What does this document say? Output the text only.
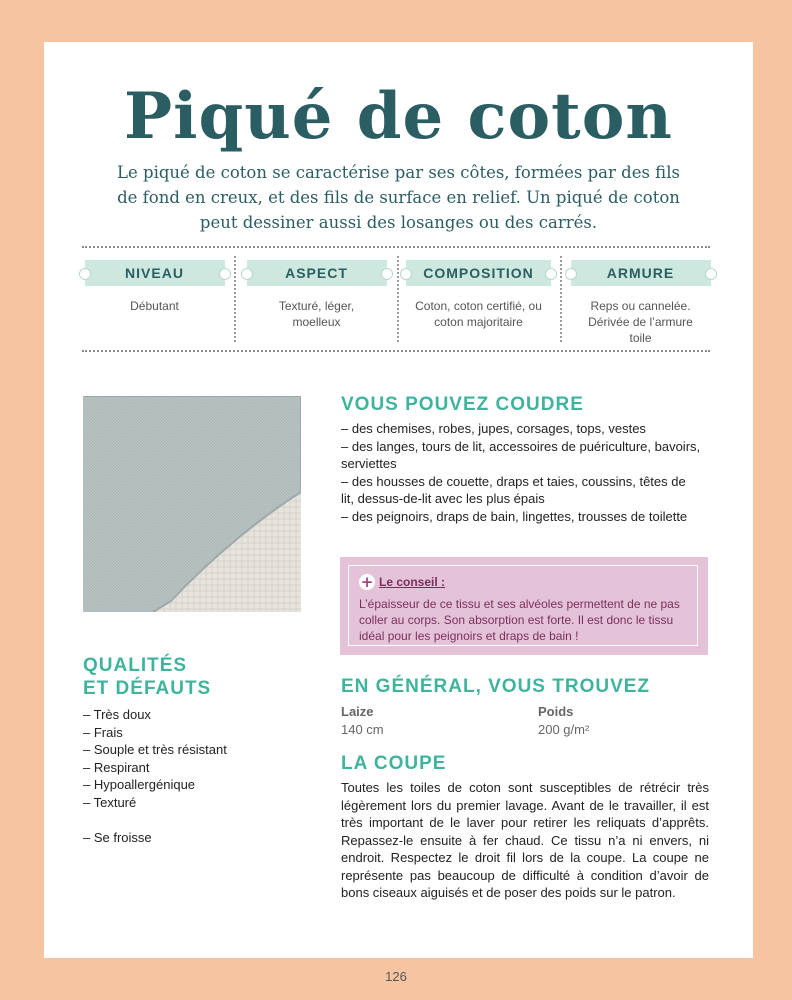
Piqué de coton

Le piqué de coton se caractérise par ses côtes, formées par des fils de fond en creux, et des fils de surface en relief. Un piqué de coton peut dessiner aussi des losanges ou des carrés.

NIVEAU
Débutant
ASPECT
Texturé, léger, moelleux
COMPOSITION
Coton, coton certifié, ou coton majoritaire
ARMURE
Reps ou cannelée. Dérivée de l’armure toile
VOUS POUVEZ COUDRE
– des chemises, robes, jupes, corsages, tops, vestes
– des langes, tours de lit, accessoires de puériculture, bavoirs, serviettes
– des housses de couette, draps et taies, coussins, têtes de lit, dessus-de-lit avec les plus épais
– des peignoirs, draps de bain, lingettes, trousses de toilette
+ Le conseil :

L’épaisseur de ce tissu et ses alvéoles permettent de ne pas coller au corps. Son absorption est forte. Il est donc le tissu idéal pour les peignoirs et draps de bain !

QUALITÉS
ET DÉFAUTS
– Très doux
– Frais
– Souple et très résistant
– Respirant
– Hypoallergénique
– Texturé
– Se froisse
EN GÉNÉRAL, VOUS TROUVEZ
Laize
140 cm
Poids
200 g/m²
LA COUPE

Toutes les toiles de coton sont susceptibles de rétrécir très légèrement lors du premier lavage. Avant de le travailler, il est très important de le laver pour retirer les reliquats d’apprêts. Repassez-le ensuite à fer chaud. Ce tissu n’a ni envers, ni endroit. Respectez le droit fil lors de la coupe. La coupe ne représente pas beaucoup de difficulté à condition d’avoir de bons ciseaux aiguisés et de poser des poids sur le patron.

126
